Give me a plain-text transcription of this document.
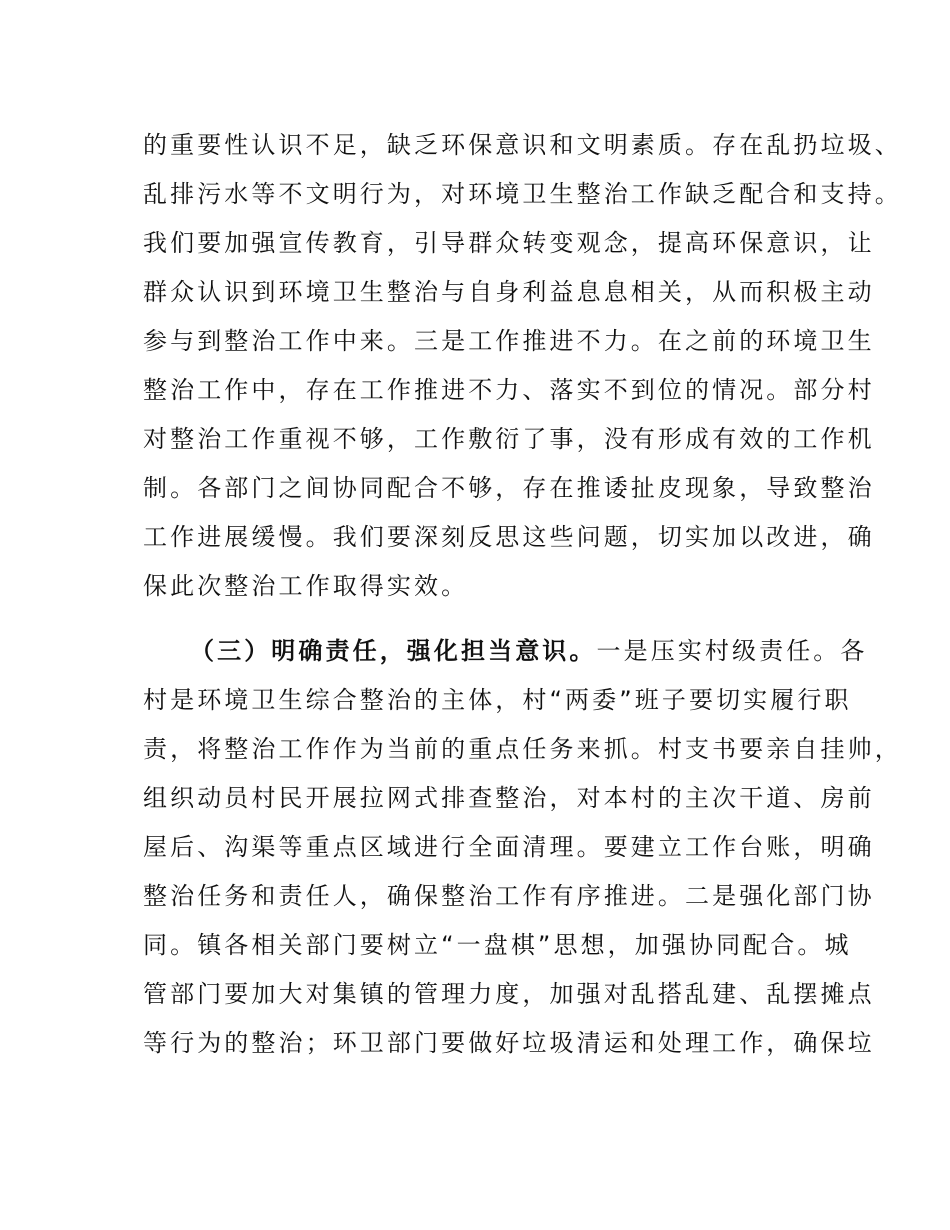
的重要性认识不足，缺乏环保意识和文明素质。存在乱扔垃圾、
乱排污水等不文明行为，对环境卫生整治工作缺乏配合和支持。
我们要加强宣传教育，引导群众转变观念，提高环保意识，让
群众认识到环境卫生整治与自身利益息息相关，从而积极主动
参与到整治工作中来。三是工作推进不力。在之前的环境卫生
整治工作中，存在工作推进不力、落实不到位的情况。部分村
对整治工作重视不够，工作敷衍了事，没有形成有效的工作机
制。各部门之间协同配合不够，存在推诿扯皮现象，导致整治
工作进展缓慢。我们要深刻反思这些问题，切实加以改进，确
保此次整治工作取得实效。
（三）明确责任，强化担当意识。一是压实村级责任。各
村是环境卫生综合整治的主体，村“两委”班子要切实履行职
责，将整治工作作为当前的重点任务来抓。村支书要亲自挂帅，
组织动员村民开展拉网式排查整治，对本村的主次干道、房前
屋后、沟渠等重点区域进行全面清理。要建立工作台账，明确
整治任务和责任人，确保整治工作有序推进。二是强化部门协
同。镇各相关部门要树立“一盘棋”思想，加强协同配合。城
管部门要加大对集镇的管理力度，加强对乱搭乱建、乱摆摊点
等行为的整治；环卫部门要做好垃圾清运和处理工作，确保垃
